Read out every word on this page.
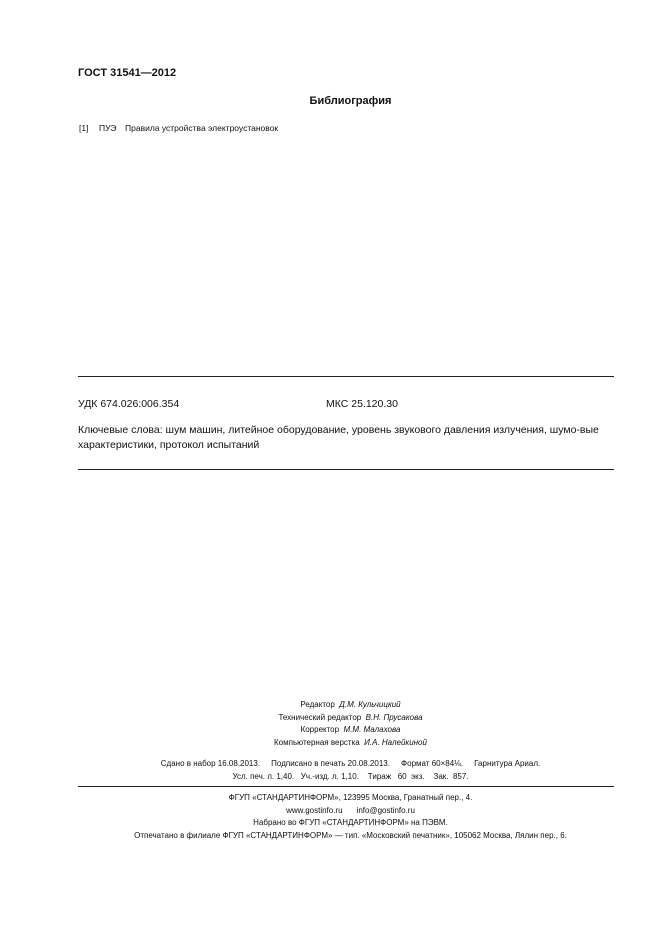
ГОСТ 31541—2012
Библиография
[1] ПУЭ Правила устройства электроустановок
УДК 674.026:006.354	МКС 25.120.30
Ключевые слова: шум машин, литейное оборудование, уровень звукового давления излучения, шумо-вые характеристики, протокол испытаний
Редактор Д.М. Кульчицкий
Технический редактор В.Н. Прусакова
Корректор М.М. Малахова
Компьютерная верстка И.А. Налейкиной
Сдано в набор 16.08.2013.     Подписано в печать 20.08.2013.     Формат 60×84⅛.     Гарнитура Ариал.
Усл. печ. л. 1,40.   Уч.-изд. л. 1,10.    Тираж   60  экз.    Зак.  857.
ФГУП «СТАНДАРТИНФОРМ», 123995 Москва, Гранатный пер., 4.
www.gostinfo.ru info@gostinfo.ru
Набрано во ФГУП «СТАНДАРТИНФОРМ» на ПЭВМ.
Отпечатано в филиале ФГУП «СТАНДАРТИНФОРМ» — тип. «Московский печатник», 105062 Москва, Лялин пер., 6.
